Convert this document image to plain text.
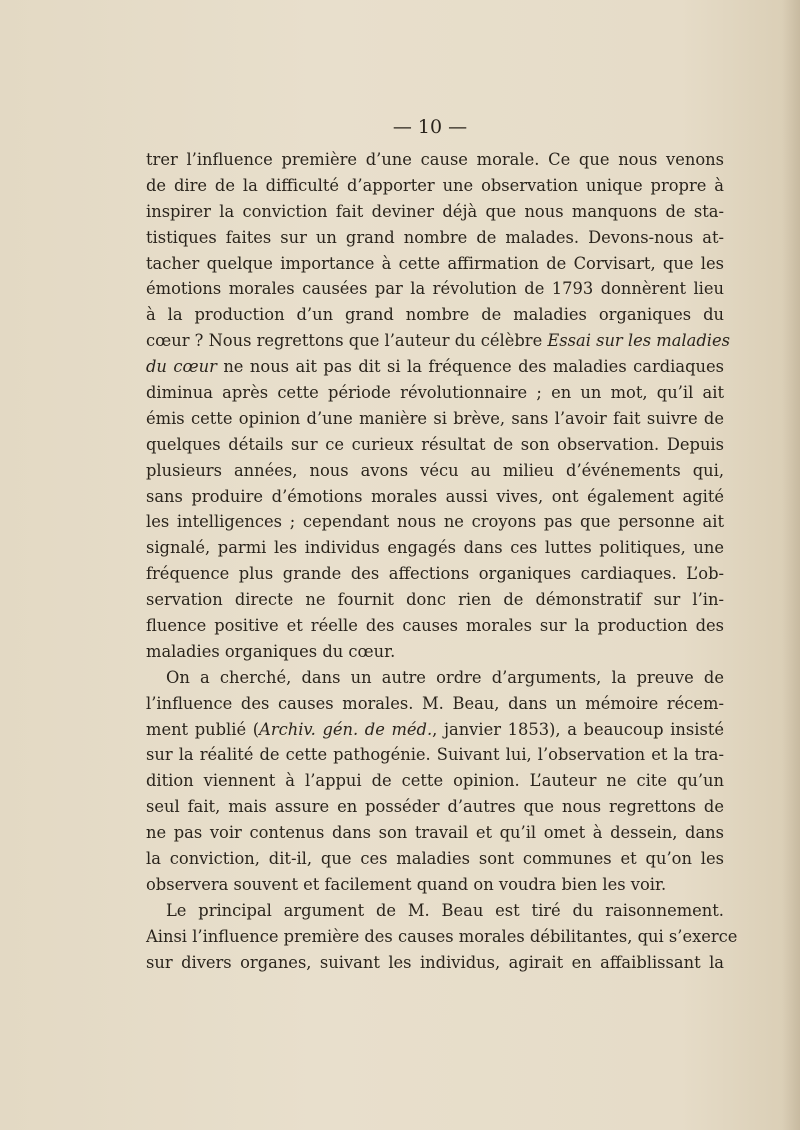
— 10 —
trer l’influence première d’une cause morale. Ce que nous venons
de dire de la difficulté d’apporter une observation unique propre à
inspirer la conviction fait deviner déjà que nous manquons de sta-
tistiques faites sur un grand nombre de malades. Devons-nous at-
tacher quelque importance à cette affirmation de Corvisart, que les
émotions morales causées par la révolution de 1793 donnèrent lieu
à la production d’un grand nombre de maladies organiques du
cœur ? Nous regrettons que l’auteur du célèbre Essai sur les maladies
du cœur ne nous ait pas dit si la fréquence des maladies cardiaques
diminua après cette période révolutionnaire ; en un mot, qu’il ait
émis cette opinion d’une manière si brève, sans l’avoir fait suivre de
quelques détails sur ce curieux résultat de son observation. Depuis
plusieurs années, nous avons vécu au milieu d’événements qui,
sans produire d’émotions morales aussi vives, ont également agité
les intelligences ; cependant nous ne croyons pas que personne ait
signalé, parmi les individus engagés dans ces luttes politiques, une
fréquence plus grande des affections organiques cardiaques. L’ob-
servation directe ne fournit donc rien de démonstratif sur l’in-
fluence positive et réelle des causes morales sur la production des
maladies organiques du cœur.
On a cherché, dans un autre ordre d’arguments, la preuve de
l’influence des causes morales. M. Beau, dans un mémoire récem-
ment publié (Archiv. gén. de méd., janvier 1853), a beaucoup insisté
sur la réalité de cette pathogénie. Suivant lui, l’observation et la tra-
dition viennent à l’appui de cette opinion. L’auteur ne cite qu’un
seul fait, mais assure en posséder d’autres que nous regrettons de
ne pas voir contenus dans son travail et qu’il omet à dessein, dans
la conviction, dit-il, que ces maladies sont communes et qu’on les
observera souvent et facilement quand on voudra bien les voir.
Le principal argument de M. Beau est tiré du raisonnement.
Ainsi l’influence première des causes morales débilitantes, qui s’exerce
sur divers organes, suivant les individus, agirait en affaiblissant la
